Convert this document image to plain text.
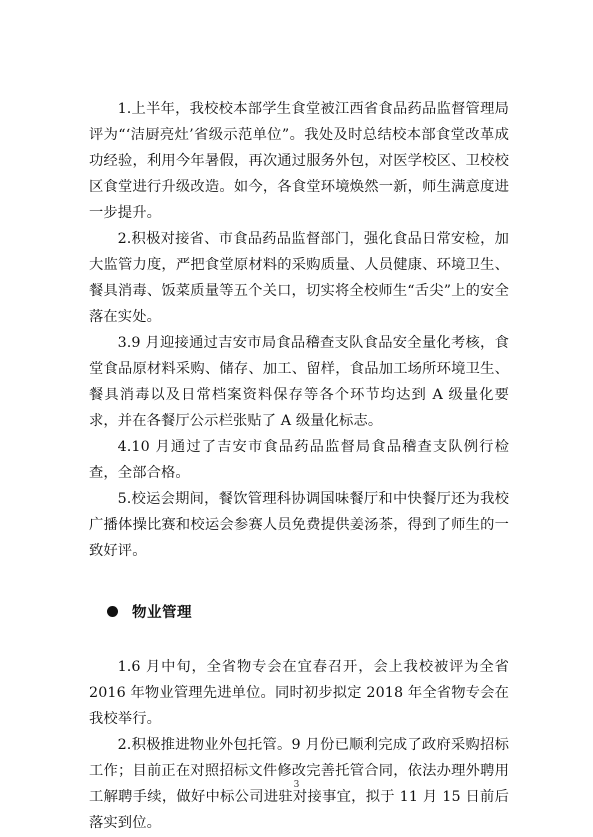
1.上半年，我校校本部学生食堂被江西省食品药品监督管理局评为“‘洁厨亮灶’省级示范单位”。我处及时总结校本部食堂改革成功经验，利用今年暑假，再次通过服务外包，对医学校区、卫校校区食堂进行升级改造。如今，各食堂环境焕然一新，师生满意度进一步提升。

2.积极对接省、市食品药品监督部门，强化食品日常安检，加大监管力度，严把食堂原材料的采购质量、人员健康、环境卫生、餐具消毒、饭菜质量等五个关口，切实将全校师生“舌尖”上的安全落在实处。

3.9 月迎接通过吉安市局食品稽查支队食品安全量化考核，食堂食品原材料采购、储存、加工、留样，食品加工场所环境卫生、餐具消毒以及日常档案资料保存等各个环节均达到 A 级量化要求，并在各餐厅公示栏张贴了 A 级量化标志。

4.10 月通过了吉安市食品药品监督局食品稽查支队例行检查，全部合格。

5.校运会期间，餐饮管理科协调国味餐厅和中快餐厅还为我校广播体操比赛和校运会参赛人员免费提供姜汤茶，得到了师生的一致好评。

物业管理

1.6 月中旬，全省物专会在宜春召开，会上我校被评为全省 2016 年物业管理先进单位。同时初步拟定 2018 年全省物专会在我校举行。

2.积极推进物业外包托管。9 月份已顺利完成了政府采购招标工作；目前正在对照招标文件修改完善托管合同，依法办理外聘用工解聘手续，做好中标公司进驻对接事宜，拟于 11 月 15 日前后落实到位。

3
